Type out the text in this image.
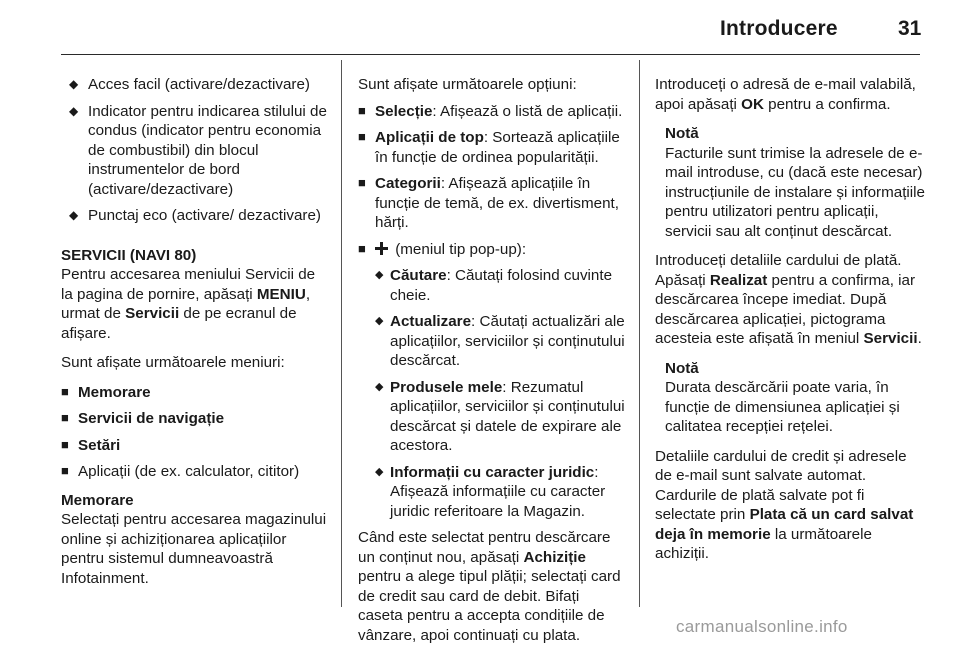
Introducere	31
◆ Acces facil (activare/dezactivare)
◆ Indicator pentru indicarea stilului de condus (indicator pentru economia de combustibil) din blocul instrumentelor de bord (activare/dezactivare)
◆ Punctaj eco (activare/ dezactivare)

SERVICII (NAVI 80)

Pentru accesarea meniului Servicii de la pagina de pornire, apăsați MENIU, urmat de Servicii de pe ecranul de afișare.

Sunt afișate următoarele meniuri:

■ Memorare
■ Servicii de navigație
■ Setări
■ Aplicații (de ex. calculator, cititor)

Memorare

Selectați pentru accesarea magazinului online și achiziționarea aplicațiilor pentru sistemul dumneavoastră Infotainment.

Sunt afișate următoarele opțiuni:

■ Selecție: Afișează o listă de aplicații.
■ Aplicații de top: Sortează aplicațiile în funcție de ordinea popularității.
■ Categorii: Afișează aplicațiile în funcție de temă, de ex. divertisment, hărți.
■ (meniul tip pop-up):
◆ Căutare: Căutați folosind cuvinte cheie.
◆ Actualizare: Căutați actualizări ale aplicațiilor, serviciilor și conținutului descărcat.
◆ Produsele mele: Rezumatul aplicațiilor, serviciilor și conținutului descărcat și datele de expirare ale acestora.
◆ Informații cu caracter juridic: Afișează informațiile cu caracter juridic referitoare la Magazin.

Când este selectat pentru descărcare un conținut nou, apăsați Achiziție pentru a alege tipul plății; selectați card de credit sau card de debit. Bifați caseta pentru a accepta condițiile de vânzare, apoi continuați cu plata.

Introduceți o adresă de e-mail valabilă, apoi apăsați OK pentru a confirma.

Notă
Facturile sunt trimise la adresele de e-mail introduse, cu (dacă este necesar) instrucțiunile de instalare și informațiile pentru utilizatori pentru aplicații, servicii sau alt conținut descărcat.

Introduceți detaliile cardului de plată. Apăsați Realizat pentru a confirma, iar descărcarea începe imediat. După descărcarea aplicației, pictograma acesteia este afișată în meniul Servicii.

Notă
Durata descărcării poate varia, în funcție de dimensiunea aplicației și calitatea recepției rețelei.

Detaliile cardului de credit și adresele de e-mail sunt salvate automat. Cardurile de plată salvate pot fi selectate prin Plata că un card salvat deja în memorie la următoarele achiziții.

carmanualsonline.info
